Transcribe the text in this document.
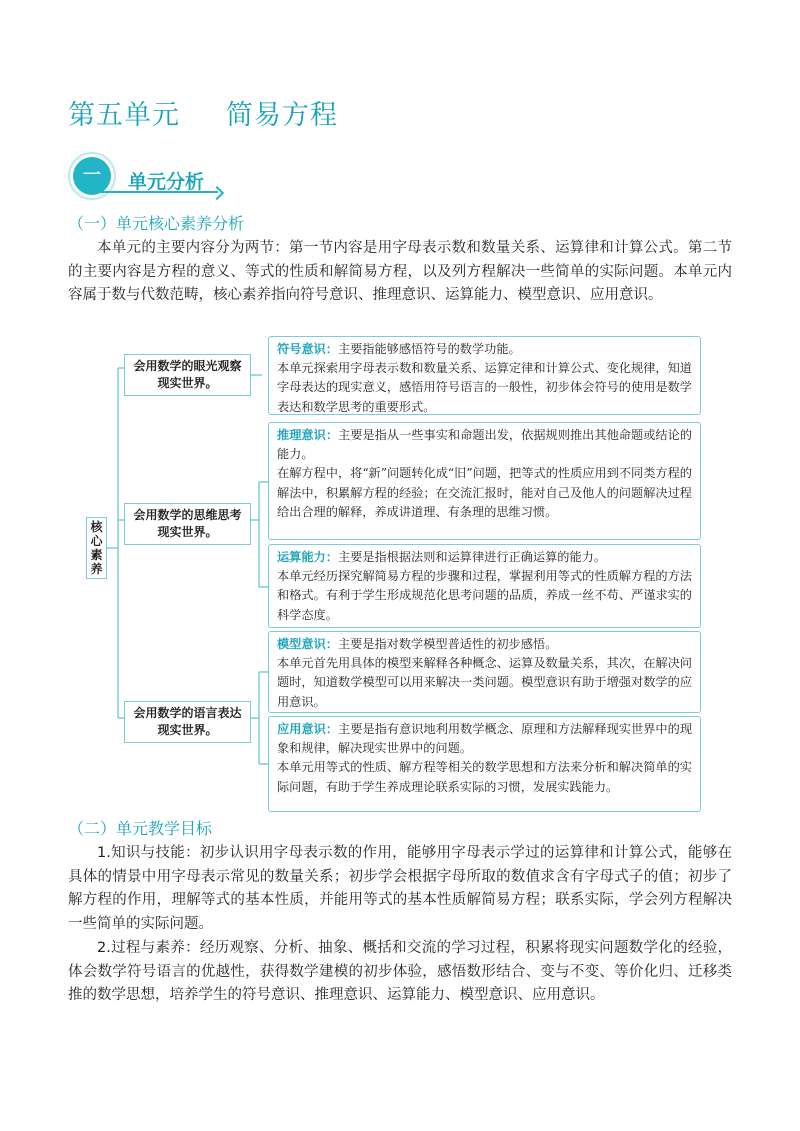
第五单元 简易方程
一	单元分析
（一）单元核心素养分析

本单元的主要内容分为两节：第一节内容是用字母表示数和数量关系、运算律和计算公式。第二节的主要内容是方程的意义、等式的性质和解简易方程，以及列方程解决一些简单的实际问题。本单元内容属于数与代数范畴，核心素养指向符号意识、推理意识、运算能力、模型意识、应用意识。

核心素养
会用数学的眼光观察现实世界。
会用数学的思维思考现实世界。
会用数学的语言表达现实世界。

符号意识：主要指能够感悟符号的数学功能。

本单元探索用字母表示数和数量关系、运算定律和计算公式、变化规律，知道字母表达的现实意义，感悟用符号语言的一般性，初步体会符号的使用是数学表达和数学思考的重要形式。

推理意识：主要是指从一些事实和命题出发，依据规则推出其他命题或结论的能力。

在解方程中，将“新”问题转化成“旧”问题，把等式的性质应用到不同类方程的解法中，积累解方程的经验；在交流汇报时，能对自己及他人的问题解决过程给出合理的解释，养成讲道理、有条理的思维习惯。

运算能力：主要是指根据法则和运算律进行正确运算的能力。

本单元经历探究解简易方程的步骤和过程，掌握利用等式的性质解方程的方法和格式。有利于学生形成规范化思考问题的品质，养成一丝不苟、严谨求实的科学态度。

模型意识：主要是指对数学模型普适性的初步感悟。

本单元首先用具体的模型来解释各种概念、运算及数量关系，其次，在解决问题时，知道数学模型可以用来解决一类问题。模型意识有助于增强对数学的应用意识。

应用意识：主要是指有意识地利用数学概念、原理和方法解释现实世界中的现象和规律，解决现实世界中的问题。

本单元用等式的性质、解方程等相关的数学思想和方法来分析和解决简单的实际问题，有助于学生养成理论联系实际的习惯，发展实践能力。

（二）单元教学目标

1.知识与技能：初步认识用字母表示数的作用，能够用字母表示学过的运算律和计算公式，能够在具体的情景中用字母表示常见的数量关系；初步学会根据字母所取的数值求含有字母式子的值；初步了解方程的作用，理解等式的基本性质，并能用等式的基本性质解简易方程；联系实际，学会列方程解决一些简单的实际问题。

2.过程与素养：经历观察、分析、抽象、概括和交流的学习过程，积累将现实问题数学化的经验，体会数学符号语言的优越性，获得数学建模的初步体验，感悟数形结合、变与不变、等价化归、迁移类推的数学思想，培养学生的符号意识、推理意识、运算能力、模型意识、应用意识。
